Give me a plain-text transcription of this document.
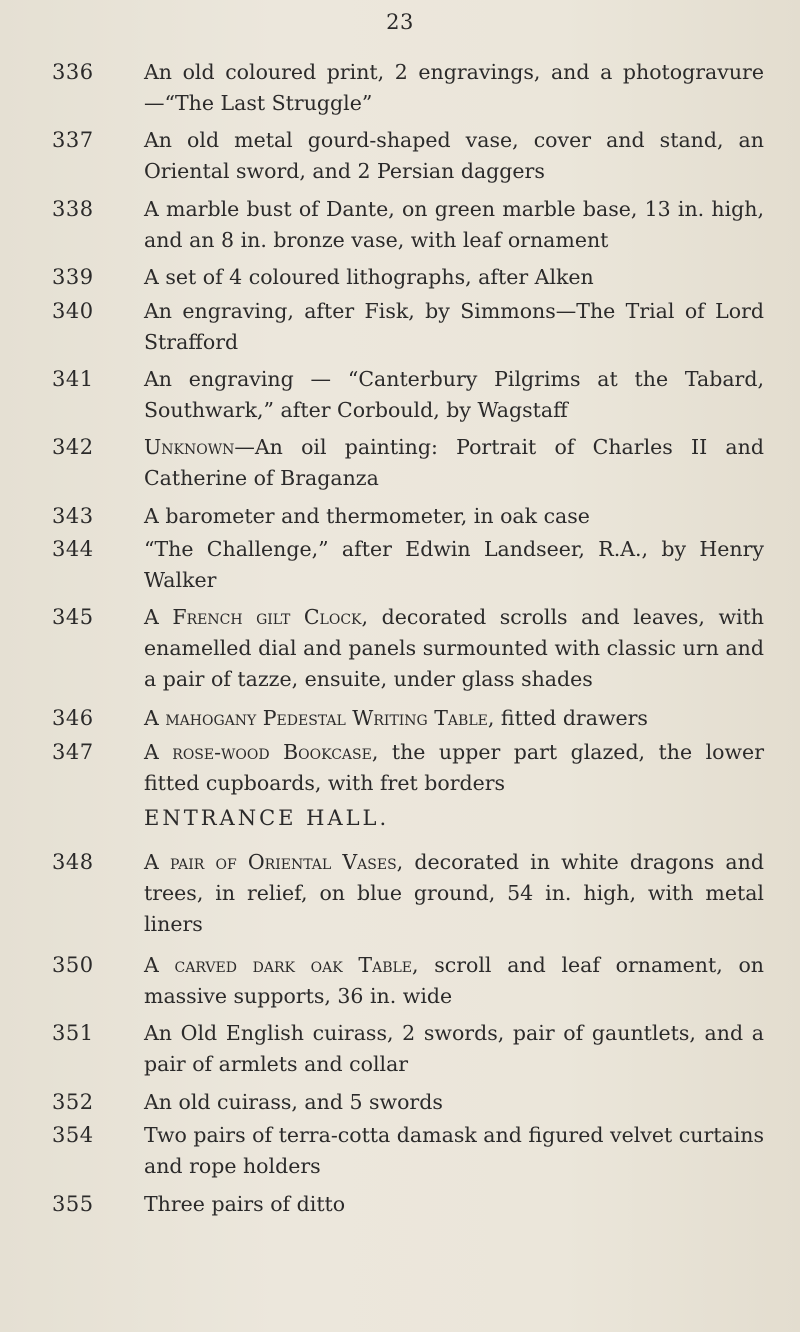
23
336	An old coloured print, 2 engravings, and a photogravure —“The Last Struggle”
337	An old metal gourd-shaped vase, cover and stand, an Oriental sword, and 2 Persian daggers
338	A marble bust of Dante, on green marble base, 13 in. high, and an 8 in. bronze vase, with leaf ornament
339	A set of 4 coloured lithographs, after Alken
340	An engraving, after Fisk, by Simmons—The Trial of Lord Strafford
341	An engraving — “Canterbury Pilgrims at the Tabard, Southwark,” after Corbould, by Wagstaff
342	Unknown—An oil painting: Portrait of Charles II and Catherine of Braganza
343	A barometer and thermometer, in oak case
344	“The Challenge,” after Edwin Landseer, R.A., by Henry Walker
345	A French gilt Clock, decorated scrolls and leaves, with enamelled dial and panels surmounted with classic urn and a pair of tazze, ensuite, under glass shades
346	A mahogany Pedestal Writing Table, fitted drawers
347	A rose-wood Bookcase, the upper part glazed, the lower fitted cupboards, with fret borders
ENTRANCE HALL.
348	A pair of Oriental Vases, decorated in white dragons and trees, in relief, on blue ground, 54 in. high, with metal liners
350	A carved dark oak Table, scroll and leaf ornament, on massive supports, 36 in. wide
351	An Old English cuirass, 2 swords, pair of gauntlets, and a pair of armlets and collar
352	An old cuirass, and 5 swords
354	Two pairs of terra-cotta damask and figured velvet curtains and rope holders
355	Three pairs of ditto
